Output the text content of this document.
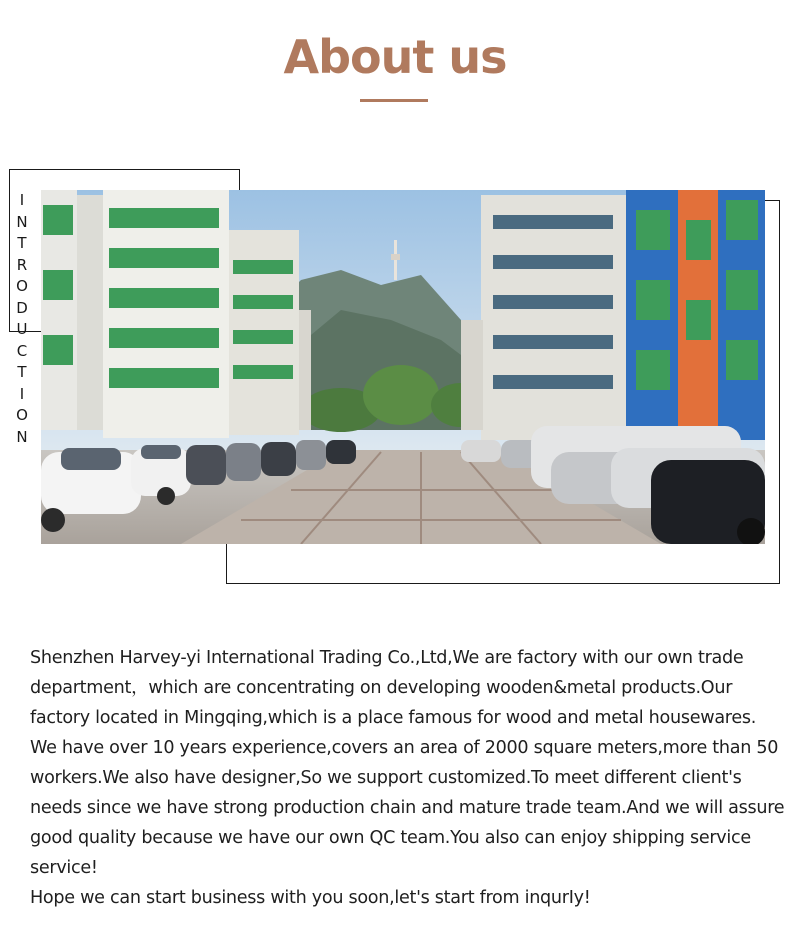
About us
I
N
T
R
O
D
U
C
T
I
O
N

Shenzhen Harvey-yi International Trading Co.,Ltd,We are factory with our own trade department，which are concentrating on developing wooden&metal products.Our factory located in Mingqing,which is a place famous for wood and metal housewares. We have over 10 years experience,covers an area of 2000 square meters,more than 50 workers.We also have designer,So we support customized.To meet different client's needs since we have strong production chain and mature trade team.And we will assure good quality because we have our own QC team.You also can enjoy shipping service service!

Hope we can start business with you soon,let's start from inqurIy!
